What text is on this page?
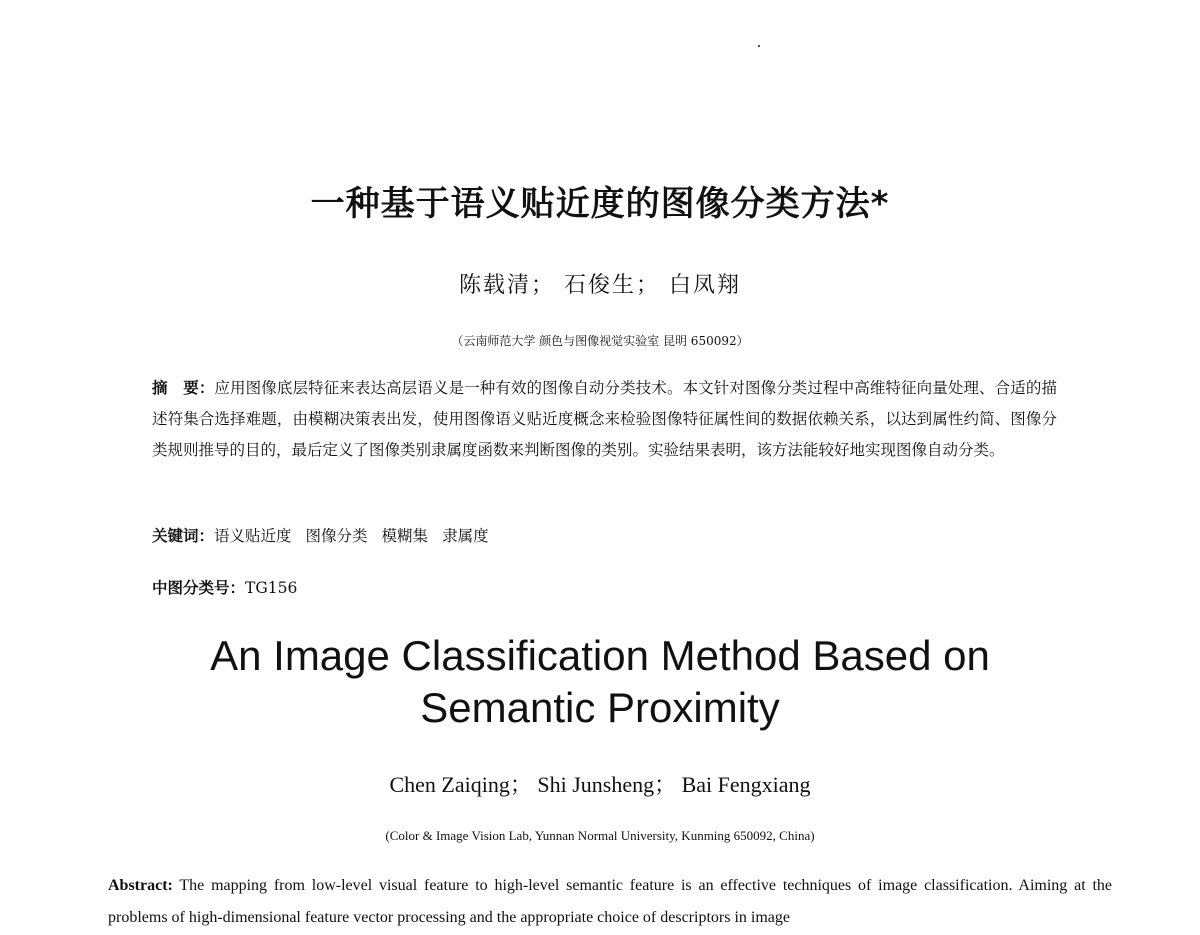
一种基于语义贴近度的图像分类方法*

陈载清； 石俊生； 白凤翔

（云南师范大学 颜色与图像视觉实验室 昆明 650092）

摘　要：应用图像底层特征来表达高层语义是一种有效的图像自动分类技术。本文针对图像分类过程中高维特征向量处理、合适的描述符集合选择难题，由模糊决策表出发，使用图像语义贴近度概念来检验图像特征属性间的数据依赖关系，以达到属性约简、图像分类规则推导的目的，最后定义了图像类别隶属度函数来判断图像的类别。实验结果表明，该方法能较好地实现图像自动分类。

关键词：语义贴近度 图像分类 模糊集 隶属度

中图分类号：TG156

An Image Classification Method Based on
Semantic Proximity

Chen Zaiqing； Shi Junsheng； Bai Fengxiang

(Color & Image Vision Lab, Yunnan Normal University, Kunming 650092, China)

Abstract: The mapping from low-level visual feature to high-level semantic feature is an effective techniques of image classification. Aiming at the problems of high-dimensional feature vector processing and the appropriate choice of descriptors in image
